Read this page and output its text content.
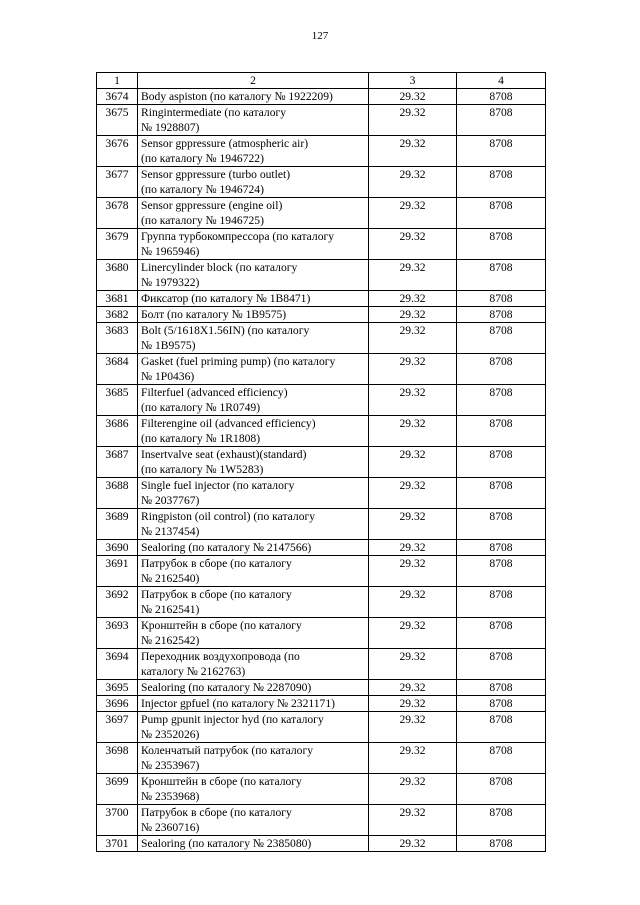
127
1	2	3	4
3674	Body aspiston (по каталогу № 1922209)	29.32	8708
3675	Ringintermediate (по каталогу
№ 1928807)	29.32	8708
3676	Sensor gppressure (atmospheric air)
(по каталогу № 1946722)	29.32	8708
3677	Sensor gppressure (turbo outlet)
(по каталогу № 1946724)	29.32	8708
3678	Sensor gppressure (engine oil)
(по каталогу № 1946725)	29.32	8708
3679	Группа турбокомпрессора (по каталогу
№ 1965946)	29.32	8708
3680	Linercylinder block (по каталогу
№ 1979322)	29.32	8708
3681	Фиксатор (по каталогу № 1В8471)	29.32	8708
3682	Болт (по каталогу № 1В9575)	29.32	8708
3683	Bolt (5/1618X1.56IN) (по каталогу
№ 1В9575)	29.32	8708
3684	Gasket (fuel priming pump) (по каталогу
№ 1Р0436)	29.32	8708
3685	Filterfuel (advanced efficiency)
(по каталогу № 1R0749)	29.32	8708
3686	Filterengine oil (advanced efficiency)
(по каталогу № 1R1808)	29.32	8708
3687	Insertvalve seat (exhaust)(standard)
(по каталогу № 1W5283)	29.32	8708
3688	Single fuel injector (по каталогу
№ 2037767)	29.32	8708
3689	Ringpiston (oil control) (по каталогу
№ 2137454)	29.32	8708
3690	Sealoring (по каталогу № 2147566)	29.32	8708
3691	Патрубок в сборе (по каталогу
№ 2162540)	29.32	8708
3692	Патрубок в сборе (по каталогу
№ 2162541)	29.32	8708
3693	Кронштейн в сборе (по каталогу
№ 2162542)	29.32	8708
3694	Переходник воздухопровода (по
каталогу № 2162763)	29.32	8708
3695	Sealoring (по каталогу № 2287090)	29.32	8708
3696	Injector gpfuel (по каталогу № 2321171)	29.32	8708
3697	Pump gpunit injector hyd (по каталогу
№ 2352026)	29.32	8708
3698	Коленчатый патрубок (по каталогу
№ 2353967)	29.32	8708
3699	Кронштейн в сборе (по каталогу
№ 2353968)	29.32	8708
3700	Патрубок в сборе (по каталогу
№ 2360716)	29.32	8708
3701	Sealoring (по каталогу № 2385080)	29.32	8708
